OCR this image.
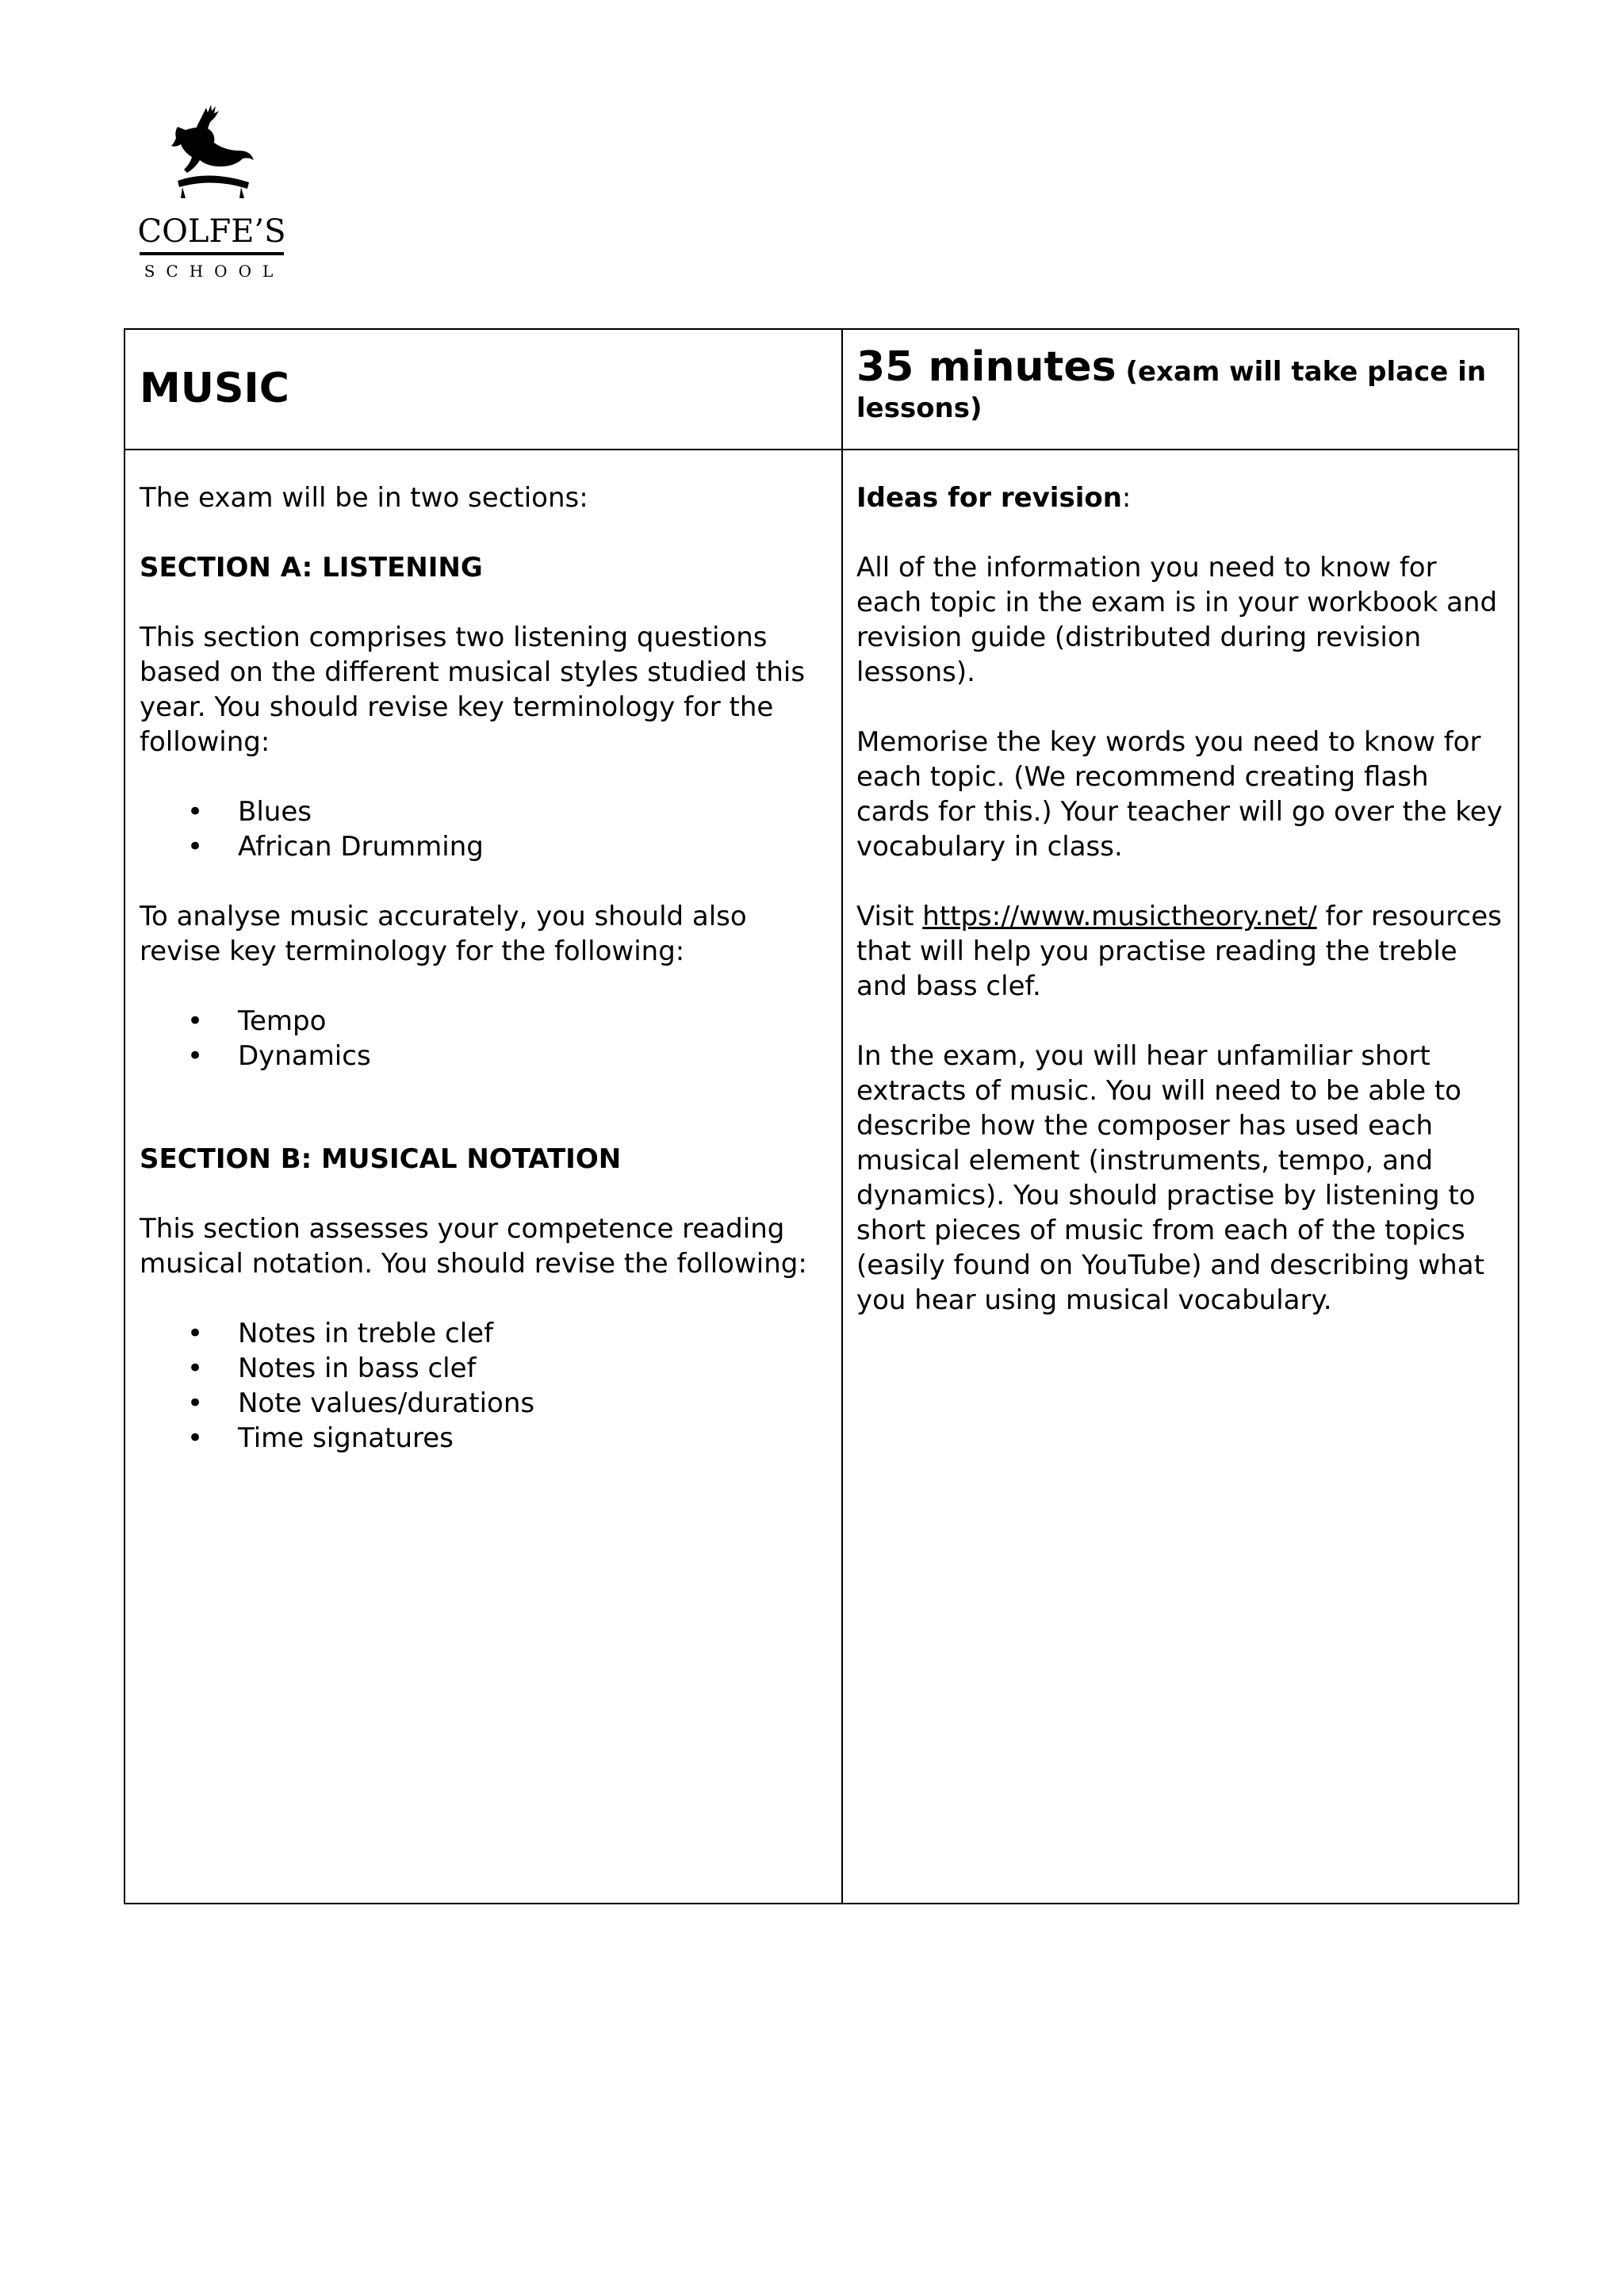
COLFE’S
SCHOOL
MUSIC	35 minutes (exam will take place in lessons)

The exam will be in two sections:

SECTION A: LISTENING

This section comprises two listening questions based on the different musical styles studied this year. You should revise key terminology for the following:

• Blues
• African Drumming

To analyse music accurately, you should also revise key terminology for the following:

• Tempo
• Dynamics

SECTION B: MUSICAL NOTATION

This section assesses your competence reading musical notation. You should revise the following:

• Notes in treble clef
• Notes in bass clef
• Note values/durations
• Time signatures

Ideas for revision:

All of the information you need to know for each topic in the exam is in your workbook and revision guide (distributed during revision lessons).

Memorise the key words you need to know for each topic. (We recommend creating flash cards for this.) Your teacher will go over the key vocabulary in class.

Visit https://www.musictheory.net/ for resources that will help you practise reading the treble and bass clef.

In the exam, you will hear unfamiliar short extracts of music. You will need to be able to describe how the composer has used each musical element (instruments, tempo, and dynamics). You should practise by listening to short pieces of music from each of the topics (easily found on YouTube) and describing what you hear using musical vocabulary.
